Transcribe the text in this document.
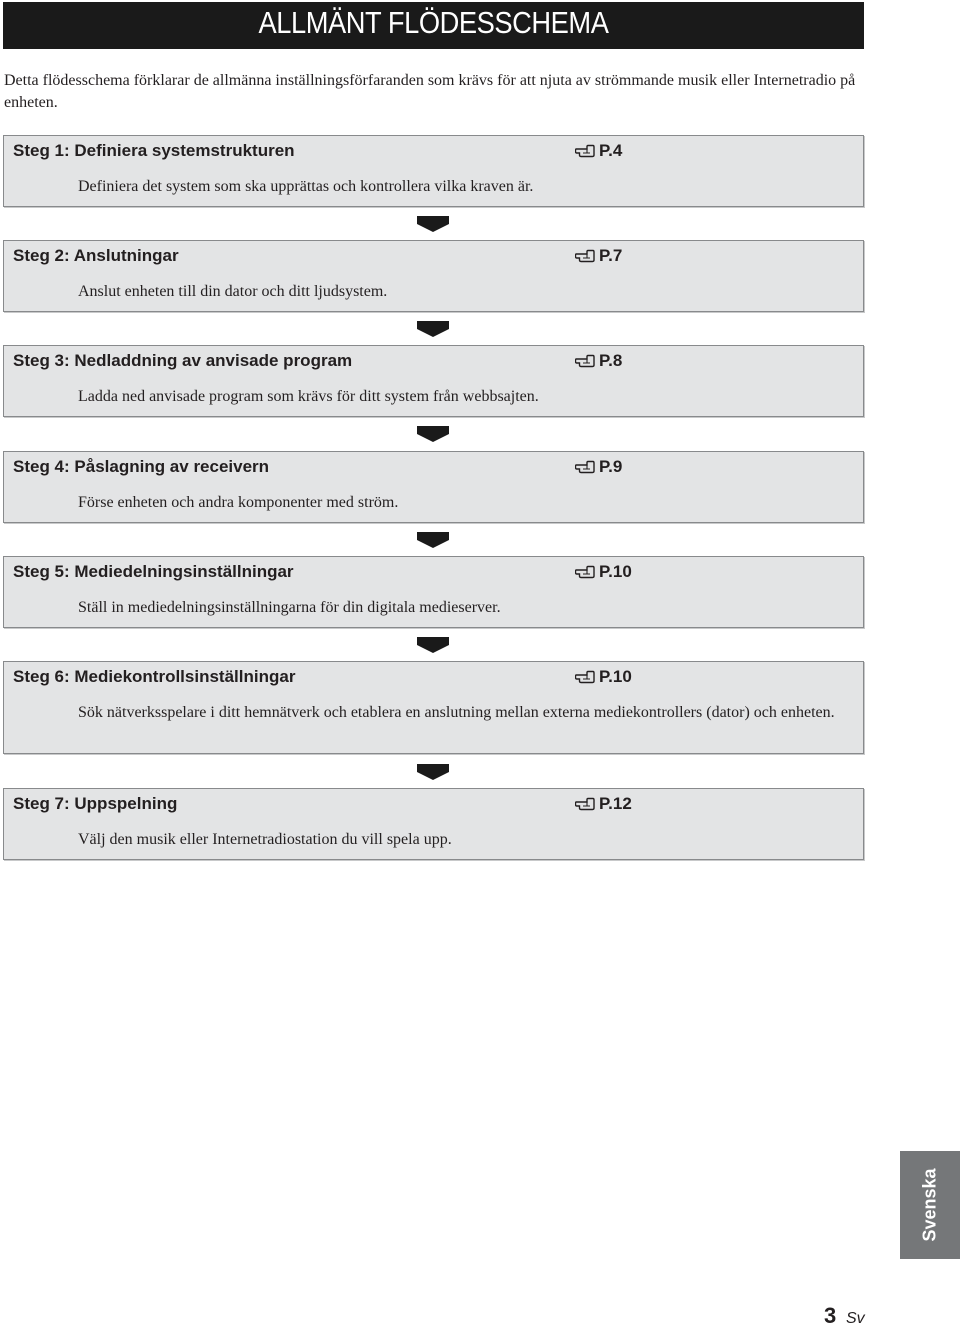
ALLMÄNT FLÖDESSCHEMA
Detta flödesschema förklarar de allmänna inställningsförfaranden som krävs för att njuta av strömmande musik eller Internetradio på enheten.
Steg 1: Definiera systemstrukturen	P.4
Definiera det system som ska upprättas och kontrollera vilka kraven är.
Steg 2: Anslutningar	P.7
Anslut enheten till din dator och ditt ljudsystem.
Steg 3: Nedladdning av anvisade program	P.8
Ladda ned anvisade program som krävs för ditt system från webbsajten.
Steg 4: Påslagning av receivern	P.9
Förse enheten och andra komponenter med ström.
Steg 5: Mediedelningsinställningar	P.10
Ställ in mediedelningsinställningarna för din digitala medieserver.
Steg 6: Mediekontrollsinställningar	P.10
Sök nätverksspelare i ditt hemnätverk och etablera en anslutning mellan externa mediekontrollers (dator) och enheten.
Steg 7: Uppspelning	P.12
Välj den musik eller Internetradiostation du vill spela upp.
Svenska
3 Sv
